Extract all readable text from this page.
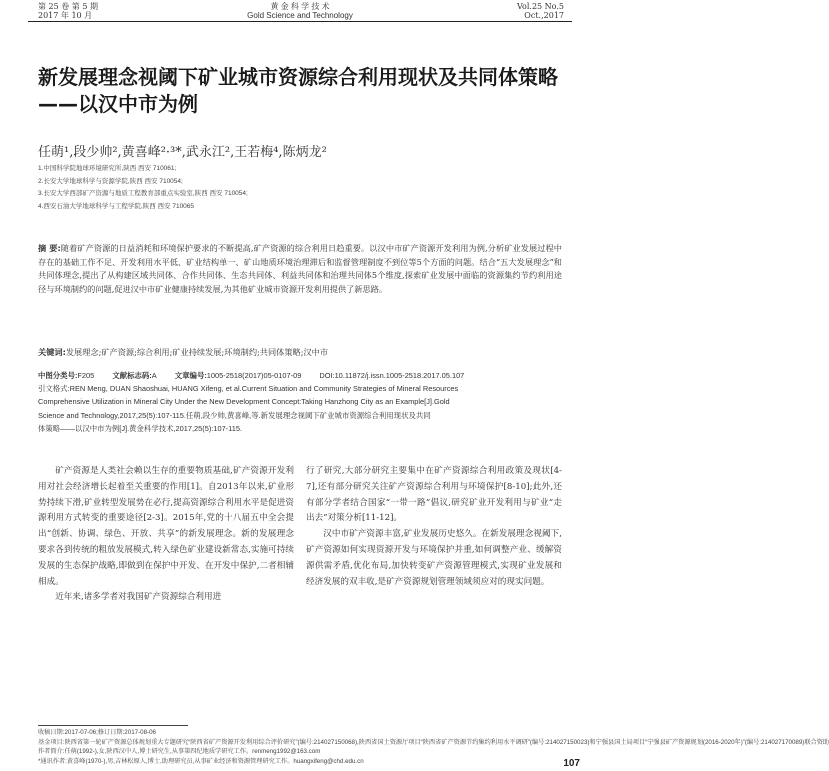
第 25 卷 第 5 期
2017 年 10 月
黄 金 科 学 技 术
Gold Science and Technology
Vol.25 No.5
Oct.,2017
新发展理念视阈下矿业城市资源综合利用现状及共同体策略——以汉中市为例
任萌¹,段少帅²,黄喜峰²·³*,武永江²,王若梅⁴,陈炳龙²
1.中国科学院地球环境研究所,陕西 西安 710061;
2.长安大学地球科学与资源学院,陕西 西安 710054;
3.长安大学西部矿产资源与地质工程教育部重点实验室,陕西 西安 710054;
4.西安石油大学地球科学与工程学院,陕西 西安 710065
摘 要:随着矿产资源的日益消耗和环境保护要求的不断提高,矿产资源的综合利用日趋重要。以汉中市矿产资源开发利用为例,分析矿业发展过程中存在的基础工作不足、开发利用水平低、矿业结构单一、矿山地质环境治理滞后和监督管理制度不到位等5个方面的问题。结合“五大发展理念”和共同体理念,提出了从构建区域共同体、合作共同体、生态共同体、利益共同体和治理共同体5个维度,探索矿业发展中面临的资源集约节约利用途径与环境制约的问题,促进汉中市矿业健康持续发展,为其他矿业城市资源开发利用提供了新思路。
关键词:发展理念;矿产资源;综合利用;矿业持续发展;环境制约;共同体策略;汉中市
中图分类号:F205 文献标志码:A 文章编号:1005-2518(2017)05-0107-09 DOI:10.11872/j.issn.1005-2518.2017.05.107
引文格式:REN Meng, DUAN Shaoshuai, HUANG Xifeng, et al.Current Situation and Community Strategies of Mineral Resources
Comprehensive Utilization in Mineral City Under the New Development Concept:Taking Hanzhong City as an Example[J].Gold
Science and Technology,2017,25(5):107-115.任萌,段少帅,黄喜峰,等.新发展理念视阈下矿业城市资源综合利用现状及共同
体策略——以汉中市为例[J].黄金科学技术,2017,25(5):107-115.

矿产资源是人类社会赖以生存的重要物质基础,矿产资源开发利用对社会经济增长起着至关重要的作用[1]。自2013年以来,矿业形势持续下滑,矿业转型发展势在必行,提高资源综合利用水平是促进资源利用方式转变的重要途径[2-3]。2015年,党的十八届五中全会提出“创新、协调、绿色、开放、共享”的新发展理念。新的发展理念要求各到传统的粗放发展模式,转入绿色矿业建设新常态,实施可持续发展的生态保护战略,即做到在保护中开发、在开发中保护,二者相辅相成。

近年来,诸多学者对我国矿产资源综合利用进

行了研究,大部分研究主要集中在矿产资源综合利用政策及现状[4-7],还有部分研究关注矿产资源综合利用与环境保护[8-10];此外,还有部分学者结合国家“一带一路”倡议,研究矿业开发利用与矿业“走出去”对策分析[11-12]。

汉中市矿产资源丰富,矿业发展历史悠久。在新发展理念视阈下,矿产资源如何实现资源开发与环境保护并重,如何调整产业、缓解资源供需矛盾,优化布局,加快转变矿产资源管理模式,实现矿业发展和经济发展的双丰收,是矿产资源规划管理领域须应对的现实问题。

收稿日期:2017-07-06;修订日期:2017-08-06
基金项目:陕西省第一轮矿产资源总体规划重大专题研究“陕西省矿产资源开发利用综合评价研究”(编号:214027150068),陕西省国土资源厅项目“陕西省矿产资源节约集约利用水平调研”(编号:214027150023)和宁强县国土局项目“宁强县矿产资源规划(2016-2020年)”(编号:214027170089)联合资助
作者简介:任萌(1992-),女,陕西汉中人,博士研究生,从事第四纪地质学研究工作。renmeng1992@163.com
*通讯作者:黄喜峰(1970-),男,吉林松原人,博士,助理研究员,从事矿业经济和资源管理研究工作。huangxifeng@chd.edu.cn	107
